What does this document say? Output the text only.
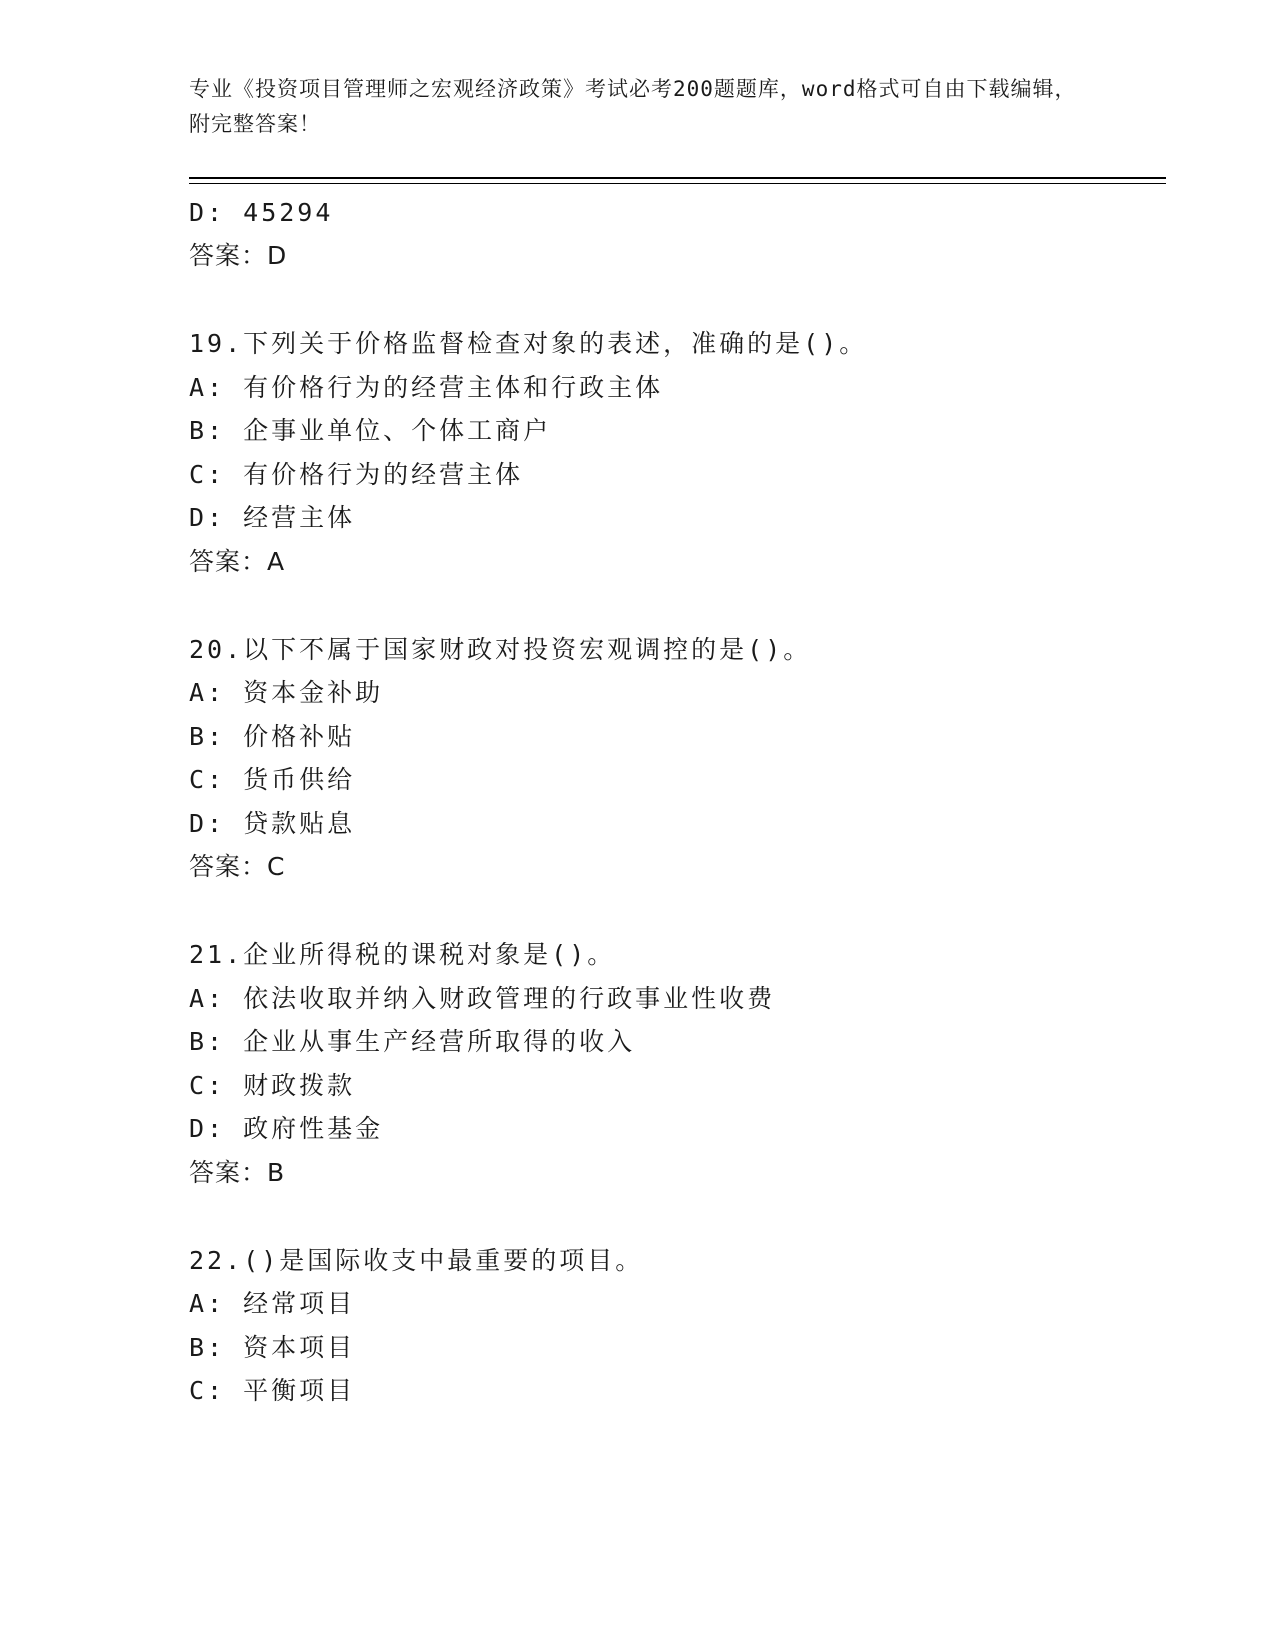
专业《投资项目管理师之宏观经济政策》考试必考200题题库，word格式可自由下载编辑，附完整答案！
D: 45294
答案：D
19.下列关于价格监督检查对象的表述，准确的是()。
A: 有价格行为的经营主体和行政主体
B: 企事业单位、个体工商户
C: 有价格行为的经营主体
D: 经营主体
答案：A
20.以下不属于国家财政对投资宏观调控的是()。
A: 资本金补助
B: 价格补贴
C: 货币供给
D: 贷款贴息
答案：C
21.企业所得税的课税对象是()。
A: 依法收取并纳入财政管理的行政事业性收费
B: 企业从事生产经营所取得的收入
C: 财政拨款
D: 政府性基金
答案：B
22.()是国际收支中最重要的项目。
A: 经常项目
B: 资本项目
C: 平衡项目
